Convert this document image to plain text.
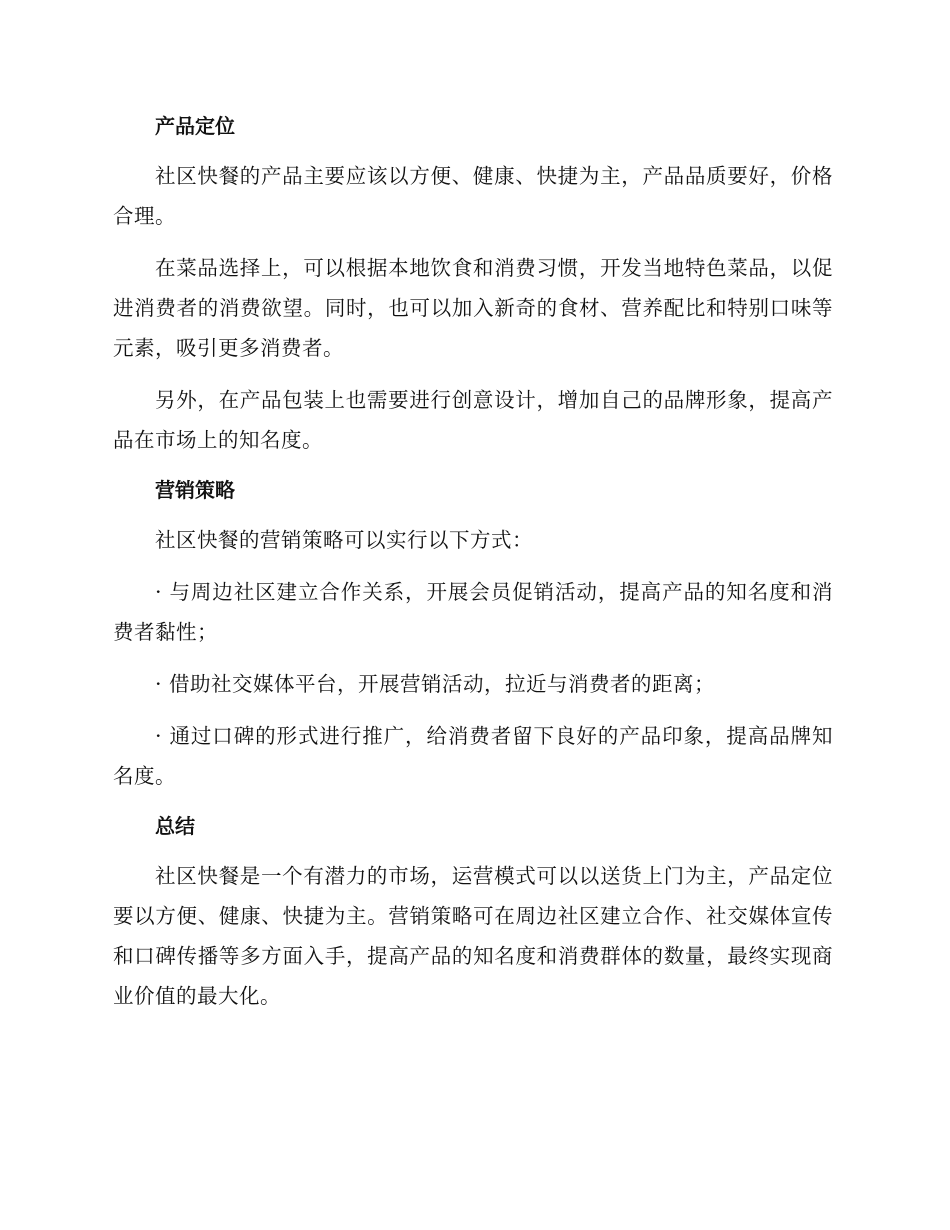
产品定位

社区快餐的产品主要应该以方便、健康、快捷为主，产品品质要好，价格合理。

在菜品选择上，可以根据本地饮食和消费习惯，开发当地特色菜品，以促进消费者的消费欲望。同时，也可以加入新奇的食材、营养配比和特别口味等元素，吸引更多消费者。

另外，在产品包装上也需要进行创意设计，增加自己的品牌形象，提高产品在市场上的知名度。

营销策略

社区快餐的营销策略可以实行以下方式：

· 与周边社区建立合作关系，开展会员促销活动，提高产品的知名度和消费者黏性；

· 借助社交媒体平台，开展营销活动，拉近与消费者的距离；

· 通过口碑的形式进行推广，给消费者留下良好的产品印象，提高品牌知名度。

总结

社区快餐是一个有潜力的市场，运营模式可以以送货上门为主，产品定位要以方便、健康、快捷为主。营销策略可在周边社区建立合作、社交媒体宣传和口碑传播等多方面入手，提高产品的知名度和消费群体的数量，最终实现商业价值的最大化。
